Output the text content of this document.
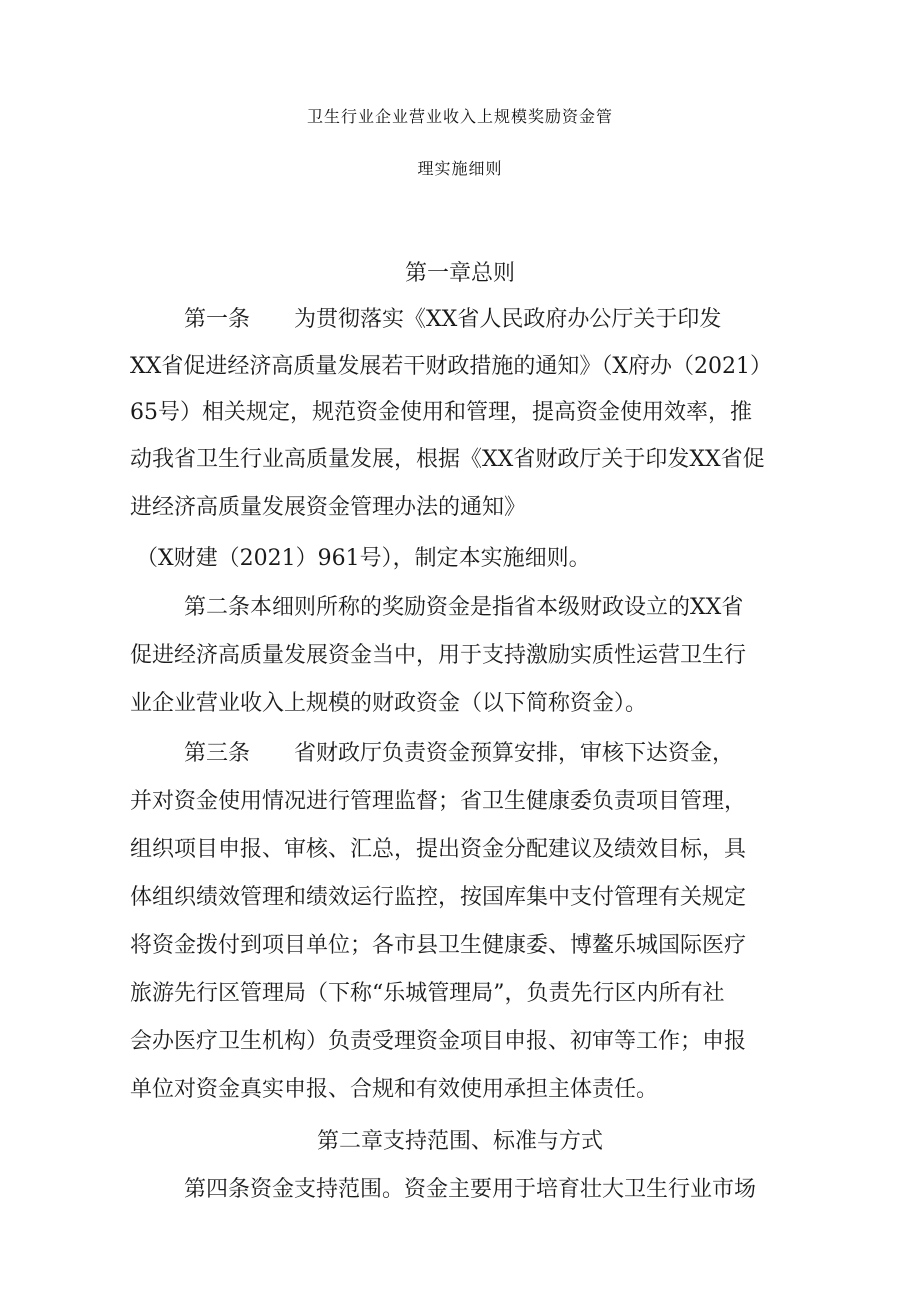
卫生行业企业营业收入上规模奖励资金管
理实施细则
第一章总则
第一条　　为贯彻落实《XX省人民政府办公厅关于印发
XX省促进经济高质量发展若干财政措施的通知》（X府办（2021）
65号）相关规定，规范资金使用和管理，提高资金使用效率，推
动我省卫生行业高质量发展，根据《XX省财政厅关于印发XX省促
进经济高质量发展资金管理办法的通知》
（X财建（2021）961号），制定本实施细则。
第二条本细则所称的奖励资金是指省本级财政设立的XX省
促进经济高质量发展资金当中，用于支持激励实质性运营卫生行
业企业营业收入上规模的财政资金（以下简称资金）。
第三条　　省财政厅负责资金预算安排，审核下达资金，
并对资金使用情况进行管理监督；省卫生健康委负责项目管理，
组织项目申报、审核、汇总，提出资金分配建议及绩效目标，具
体组织绩效管理和绩效运行监控，按国库集中支付管理有关规定
将资金拨付到项目单位；各市县卫生健康委、博鳌乐城国际医疗
旅游先行区管理局（下称“乐城管理局”，负责先行区内所有社
会办医疗卫生机构）负责受理资金项目申报、初审等工作；申报
单位对资金真实申报、合规和有效使用承担主体责任。
第二章支持范围、标准与方式
第四条资金支持范围。资金主要用于培育壮大卫生行业市场
